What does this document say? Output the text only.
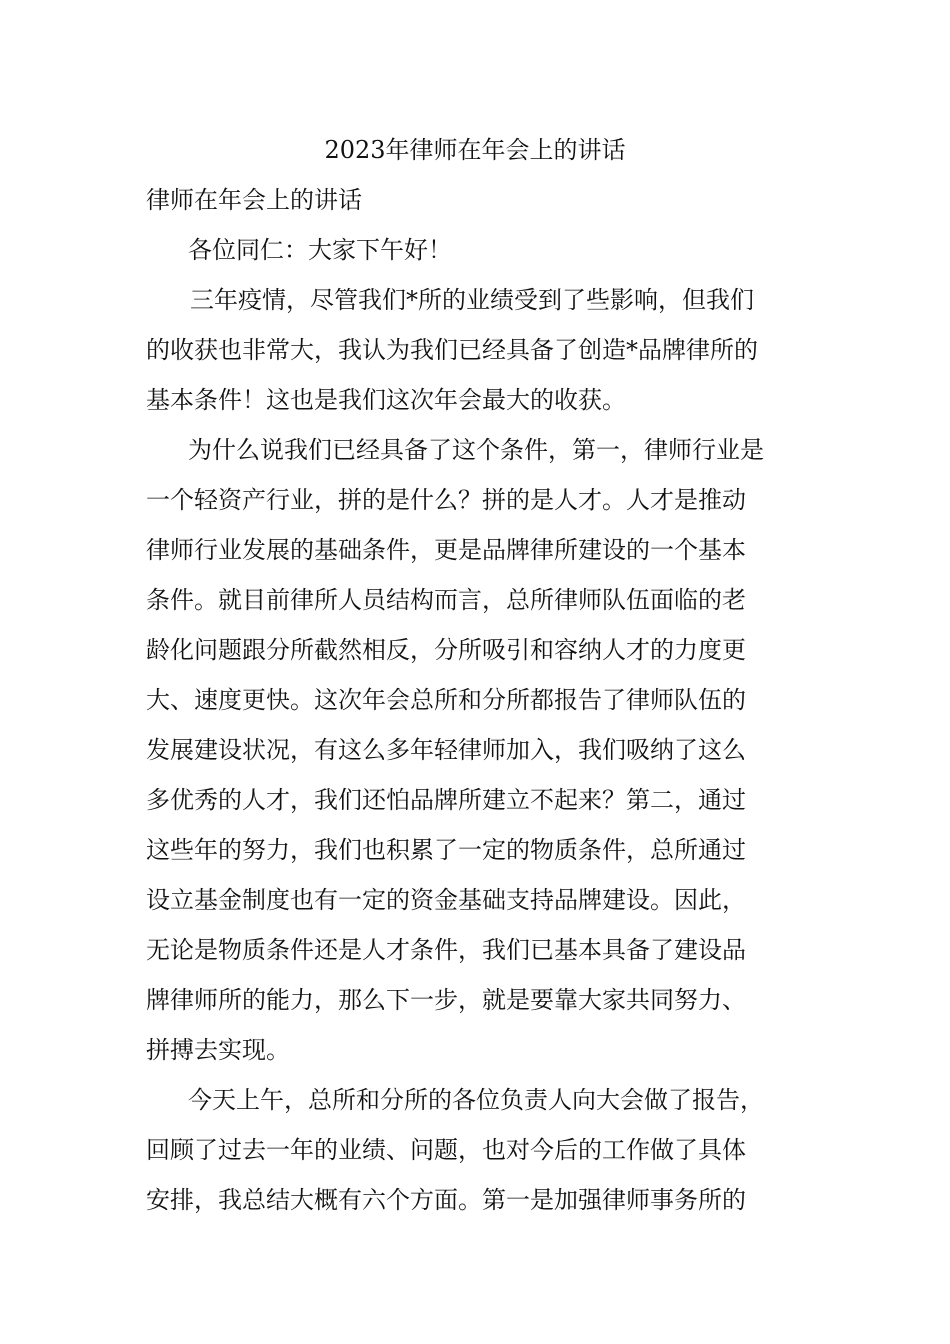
2023年律师在年会上的讲话
律师在年会上的讲话
各位同仁：大家下午好！
三年疫情，尽管我们*所的业绩受到了些影响，但我们
的收获也非常大，我认为我们已经具备了创造*品牌律所的
基本条件！这也是我们这次年会最大的收获。
为什么说我们已经具备了这个条件，第一，律师行业是
一个轻资产行业，拼的是什么？拼的是人才。人才是推动
律师行业发展的基础条件，更是品牌律所建设的一个基本
条件。就目前律所人员结构而言，总所律师队伍面临的老
龄化问题跟分所截然相反，分所吸引和容纳人才的力度更
大、速度更快。这次年会总所和分所都报告了律师队伍的
发展建设状况，有这么多年轻律师加入，我们吸纳了这么
多优秀的人才，我们还怕品牌所建立不起来？第二，通过
这些年的努力，我们也积累了一定的物质条件，总所通过
设立基金制度也有一定的资金基础支持品牌建设。因此，
无论是物质条件还是人才条件，我们已基本具备了建设品
牌律师所的能力，那么下一步，就是要靠大家共同努力、
拼搏去实现。
今天上午，总所和分所的各位负责人向大会做了报告，
回顾了过去一年的业绩、问题，也对今后的工作做了具体
安排，我总结大概有六个方面。第一是加强律师事务所的
